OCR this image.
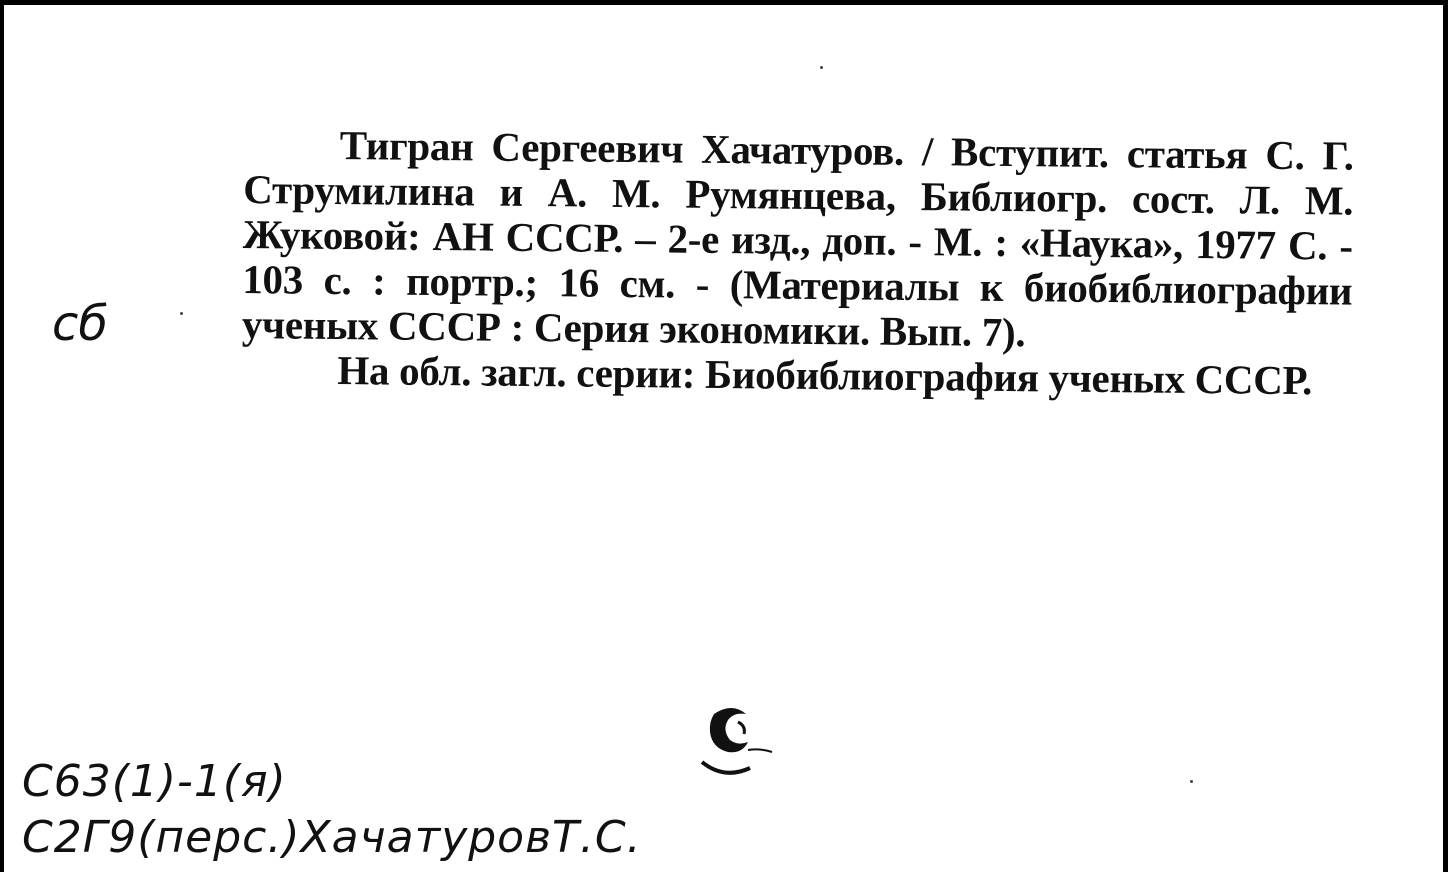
Тигран Сергеевич Хачатуров. / Вступит. статья С. Г. Струмилина и А. М. Румянцева, Библиогр. сост. Л. М. Жуковой: АН СССР. – 2-е изд., доп. - М. : «Наука», 1977 С. - 103 с. : портр.; 16 см. - (Материалы к биобиблиографии ученых СССР : Серия экономики. Вып. 7).

На обл. загл. серии: Биобиблиография ученых СССР.

сб
С63(1)-1(я)
С2Г9(перс.)ХачатуровТ.С.
